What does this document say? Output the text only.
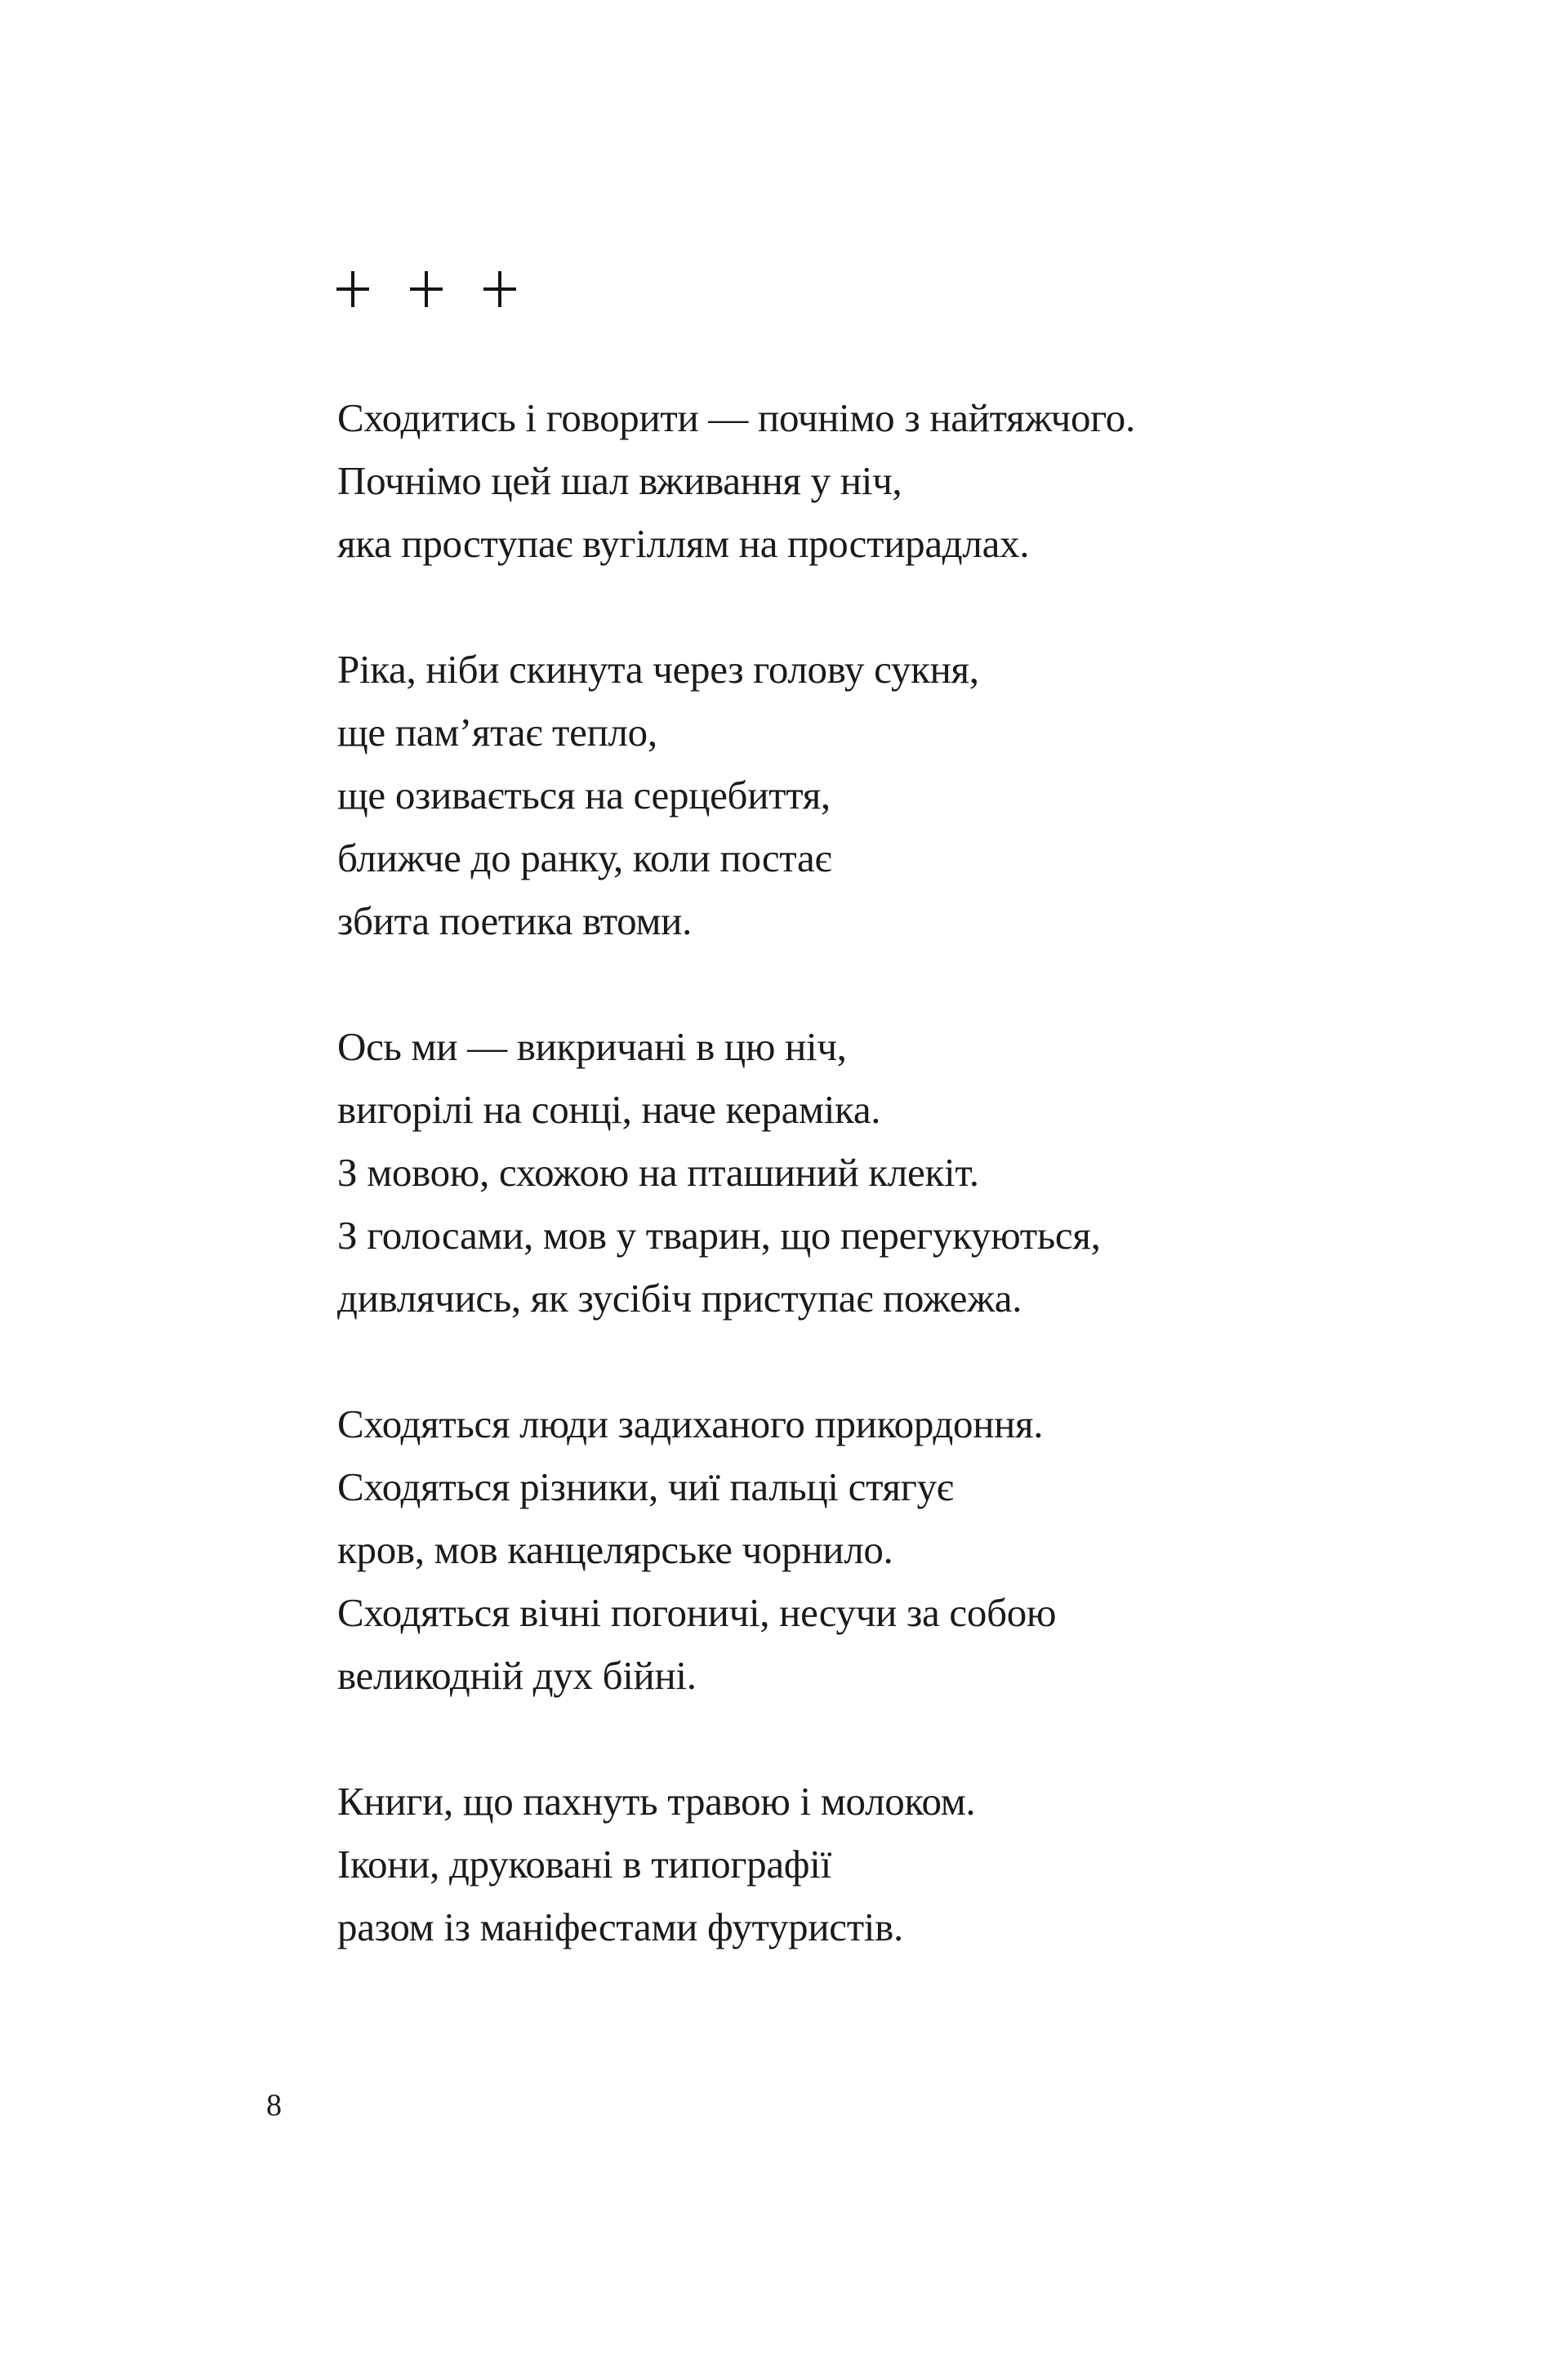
Сходитись і говорити — почнімо з найтяжчого.
Почнімо цей шал вживання у ніч,
яка проступає вугіллям на простирадлах.
Ріка, ніби скинута через голову сукня,
ще пам’ятає тепло,
ще озивається на серцебиття,
ближче до ранку, коли постає
збита поетика втоми.
Ось ми — викричані в цю ніч,
вигорілі на сонці, наче кераміка.
З мовою, схожою на пташиний клекіт.
З голосами, мов у тварин, що перегукуються,
дивлячись, як зусібіч приступає пожежа.
Сходяться люди задиханого прикордоння.
Сходяться різники, чиї пальці стягує
кров, мов канцелярське чорнило.
Сходяться вічні погоничі, несучи за собою
великодній дух бійні.
Книги, що пахнуть травою і молоком.
Ікони, друковані в типографії
разом із маніфестами футуристів.
8
